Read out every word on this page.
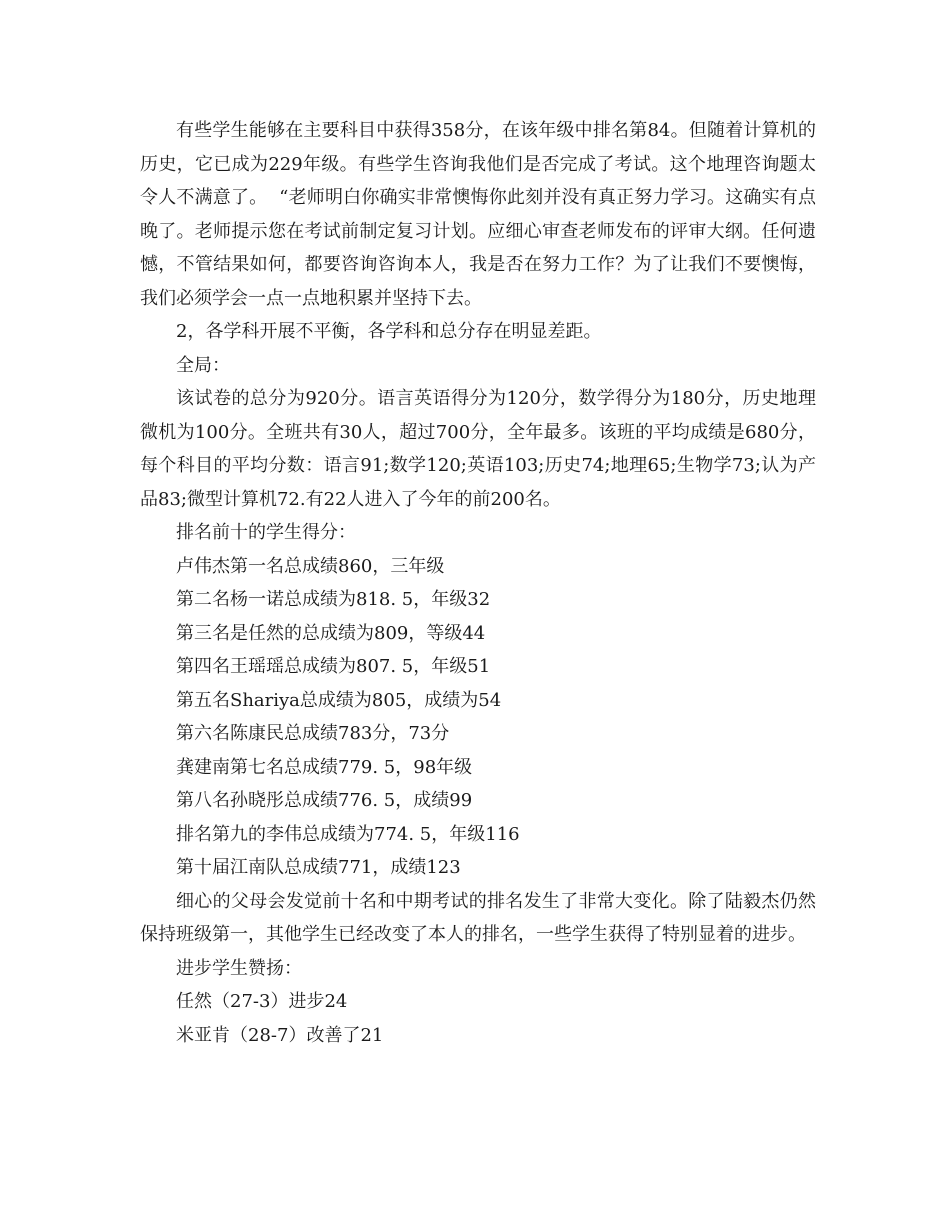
有些学生能够在主要科目中获得358分，在该年级中排名第84。但随着计算机的历史，它已成为229年级。有些学生咨询我他们是否完成了考试。这个地理咨询题太令人不满意了。  “老师明白你确实非常懊悔你此刻并没有真正努力学习。这确实有点晚了。老师提示您在考试前制定复习计划。应细心审查老师发布的评审大纲。任何遗憾，不管结果如何，都要咨询咨询本人，我是否在努力工作？为了让我们不要懊悔，我们必须学会一点一点地积累并坚持下去。

2，各学科开展不平衡，各学科和总分存在明显差距。

全局：

该试卷的总分为920分。语言英语得分为120分，数学得分为180分，历史地理微机为100分。全班共有30人，超过700分，全年最多。该班的平均成绩是680分，每个科目的平均分数：语言91;数学120;英语103;历史74;地理65;生物学73;认为产品83;微型计算机72.有22人进入了今年的前200名。

排名前十的学生得分：

卢伟杰第一名总成绩860，三年级

第二名杨一诺总成绩为818. 5，年级32

第三名是任然的总成绩为809，等级44

第四名王瑶瑶总成绩为807. 5，年级51

第五名Shariya总成绩为805，成绩为54

第六名陈康民总成绩783分，73分

龚建南第七名总成绩779. 5，98年级

第八名孙晓彤总成绩776. 5，成绩99

排名第九的李伟总成绩为774. 5，年级116

第十届江南队总成绩771，成绩123

细心的父母会发觉前十名和中期考试的排名发生了非常大变化。除了陆毅杰仍然保持班级第一，其他学生已经改变了本人的排名，一些学生获得了特别显着的进步。

进步学生赞扬：

任然（27-3）进步24

米亚肯（28-7）改善了21
